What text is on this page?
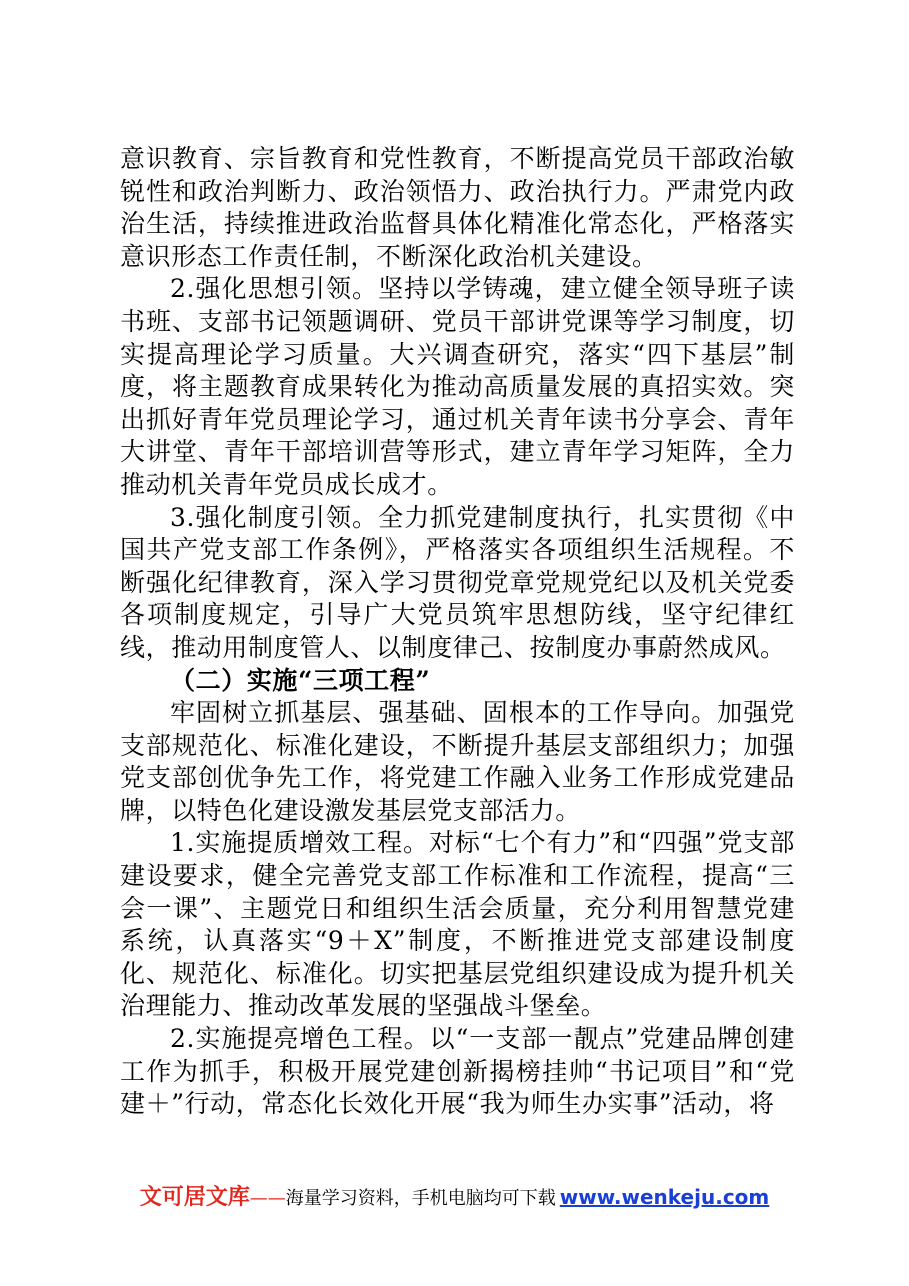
意识教育、宗旨教育和党性教育，不断提高党员干部政治敏锐性和政治判断力、政治领悟力、政治执行力。严肃党内政治生活，持续推进政治监督具体化精准化常态化，严格落实意识形态工作责任制，不断深化政治机关建设。

2.强化思想引领。坚持以学铸魂，建立健全领导班子读书班、支部书记领题调研、党员干部讲党课等学习制度，切实提高理论学习质量。大兴调查研究，落实“四下基层”制度，将主题教育成果转化为推动高质量发展的真招实效。突出抓好青年党员理论学习，通过机关青年读书分享会、青年大讲堂、青年干部培训营等形式，建立青年学习矩阵，全力推动机关青年党员成长成才。

3.强化制度引领。全力抓党建制度执行，扎实贯彻《中国共产党支部工作条例》，严格落实各项组织生活规程。不断强化纪律教育，深入学习贯彻党章党规党纪以及机关党委各项制度规定，引导广大党员筑牢思想防线，坚守纪律红线，推动用制度管人、以制度律己、按制度办事蔚然成风。

（二）实施“三项工程”

牢固树立抓基层、强基础、固根本的工作导向。加强党支部规范化、标准化建设，不断提升基层支部组织力；加强党支部创优争先工作，将党建工作融入业务工作形成党建品牌，以特色化建设激发基层党支部活力。

1.实施提质增效工程。对标“七个有力”和“四强”党支部建设要求，健全完善党支部工作标准和工作流程，提高“三会一课”、主题党日和组织生活会质量，充分利用智慧党建系统，认真落实“9＋X”制度，不断推进党支部建设制度化、规范化、标准化。切实把基层党组织建设成为提升机关治理能力、推动改革发展的坚强战斗堡垒。

2.实施提亮增色工程。以“一支部一靓点”党建品牌创建工作为抓手，积极开展党建创新揭榜挂帅“书记项目”和“党建＋”行动，常态化长效化开展“我为师生办实事”活动，将

文可居文库——海量学习资料，手机电脑均可下载 www.wenkeju.com
